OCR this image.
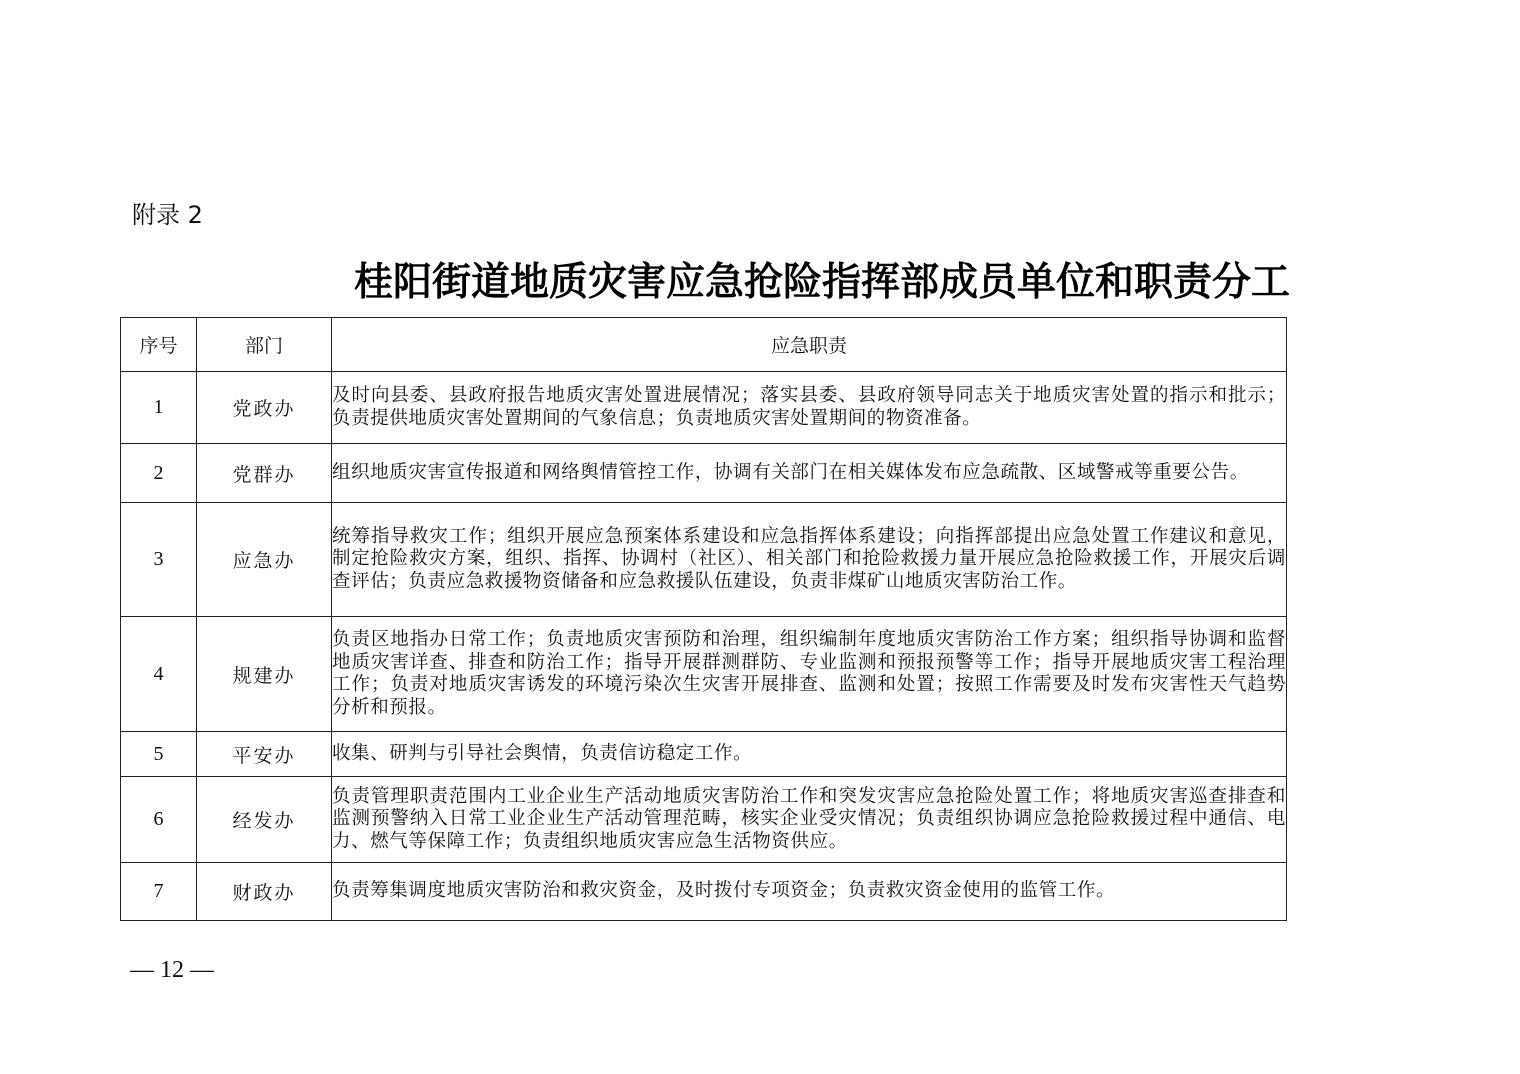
附录 2
桂阳街道地质灾害应急抢险指挥部成员单位和职责分工
序号	部门	应急职责
1	党政办	及时向县委、县政府报告地质灾害处置进展情况；落实县委、县政府领导同志关于地质灾害处置的指示和批示；负责提供地质灾害处置期间的气象信息；负责地质灾害处置期间的物资准备。
2	党群办	组织地质灾害宣传报道和网络舆情管控工作，协调有关部门在相关媒体发布应急疏散、区域警戒等重要公告。
3	应急办	统筹指导救灾工作；组织开展应急预案体系建设和应急指挥体系建设；向指挥部提出应急处置工作建议和意见，制定抢险救灾方案，组织、指挥、协调村（社区）、相关部门和抢险救援力量开展应急抢险救援工作，开展灾后调查评估；负责应急救援物资储备和应急救援队伍建设，负责非煤矿山地质灾害防治工作。
4	规建办	负责区地指办日常工作；负责地质灾害预防和治理，组织编制年度地质灾害防治工作方案；组织指导协调和监督地质灾害详查、排查和防治工作；指导开展群测群防、专业监测和预报预警等工作；指导开展地质灾害工程治理工作；负责对地质灾害诱发的环境污染次生灾害开展排查、监测和处置；按照工作需要及时发布灾害性天气趋势分析和预报。
5	平安办	收集、研判与引导社会舆情，负责信访稳定工作。
6	经发办	负责管理职责范围内工业企业生产活动地质灾害防治工作和突发灾害应急抢险处置工作；将地质灾害巡查排查和监测预警纳入日常工业企业生产活动管理范畴，核实企业受灾情况；负责组织协调应急抢险救援过程中通信、电力、燃气等保障工作；负责组织地质灾害应急生活物资供应。
7	财政办	负责筹集调度地质灾害防治和救灾资金，及时拨付专项资金；负责救灾资金使用的监管工作。
— 12 —
